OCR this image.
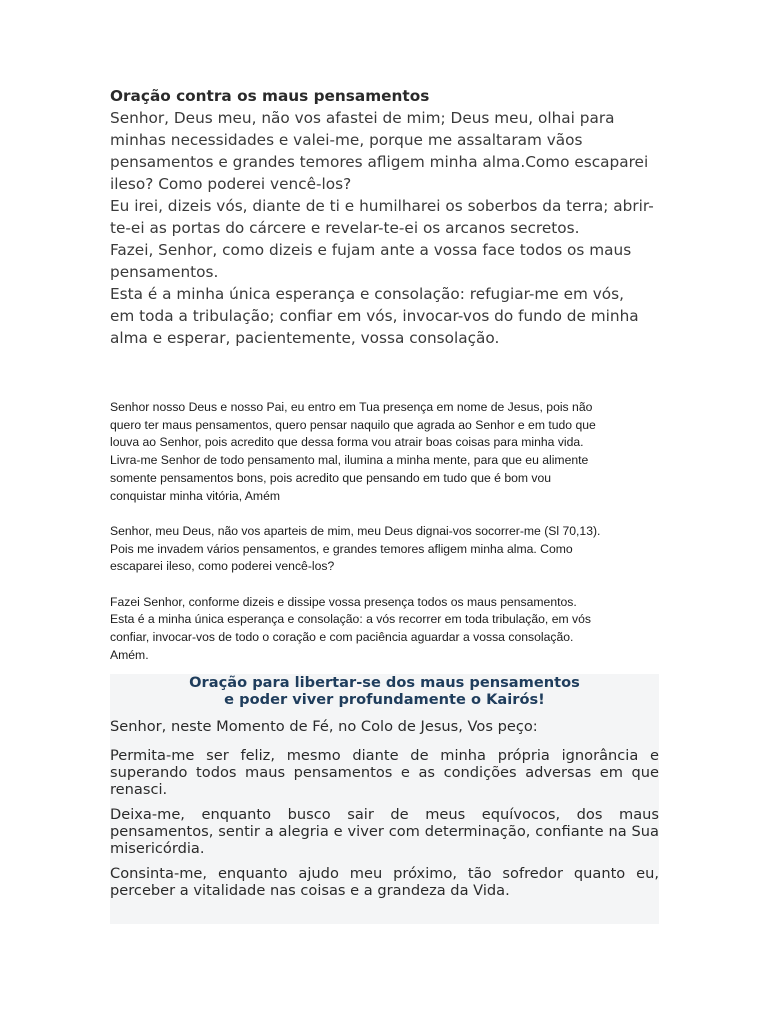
Oração contra os maus pensamentos

Senhor, Deus meu, não vos afastei de mim; Deus meu, olhai para

minhas necessidades e valei-me, porque me assaltaram vãos

pensamentos e grandes temores afligem minha alma.Como escaparei

ileso? Como poderei vencê-los?

Eu irei, dizeis vós, diante de ti e humilharei os soberbos da terra; abrir-

te-ei as portas do cárcere e revelar-te-ei os arcanos secretos.

Fazei, Senhor, como dizeis e fujam ante a vossa face todos os maus

pensamentos.

Esta é a minha única esperança e consolação: refugiar-me em vós,

em toda a tribulação; confiar em vós, invocar-vos do fundo de minha

alma e esperar, pacientemente, vossa consolação.

Senhor nosso Deus e nosso Pai, eu entro em Tua presença em nome de Jesus, pois não

quero ter maus pensamentos, quero pensar naquilo que agrada ao Senhor e em tudo que

louva ao Senhor, pois acredito que dessa forma vou atrair boas coisas para minha vida.

Livra-me Senhor de todo pensamento mal, ilumina a minha mente, para que eu alimente

somente pensamentos bons, pois acredito que pensando em tudo que é bom vou

conquistar minha vitória, Amém

Senhor, meu Deus, não vos aparteis de mim, meu Deus dignai-vos socorrer-me (Sl 70,13).

Pois me invadem vários pensamentos, e grandes temores afligem minha alma. Como

escaparei ileso, como poderei vencê-los?

Fazei Senhor, conforme dizeis e dissipe vossa presença todos os maus pensamentos.

Esta é a minha única esperança e consolação: a vós recorrer em toda tribulação, em vós

confiar, invocar-vos de todo o coração e com paciência aguardar a vossa consolação.

Amém.

Oração para libertar-se dos maus pensamentos
e poder viver profundamente o Kairós!

Senhor, neste Momento de Fé, no Colo de Jesus, Vos peço:

Permita-me ser feliz, mesmo diante de minha própria ignorância e superando todos maus pensamentos e as condições adversas em que renasci.

Deixa-me, enquanto busco sair de meus equívocos, dos maus pensamentos, sentir a alegria e viver com determinação, confiante na Sua misericórdia.

Consinta-me, enquanto ajudo meu próximo, tão sofredor quanto eu, perceber a vitalidade nas coisas e a grandeza da Vida.
